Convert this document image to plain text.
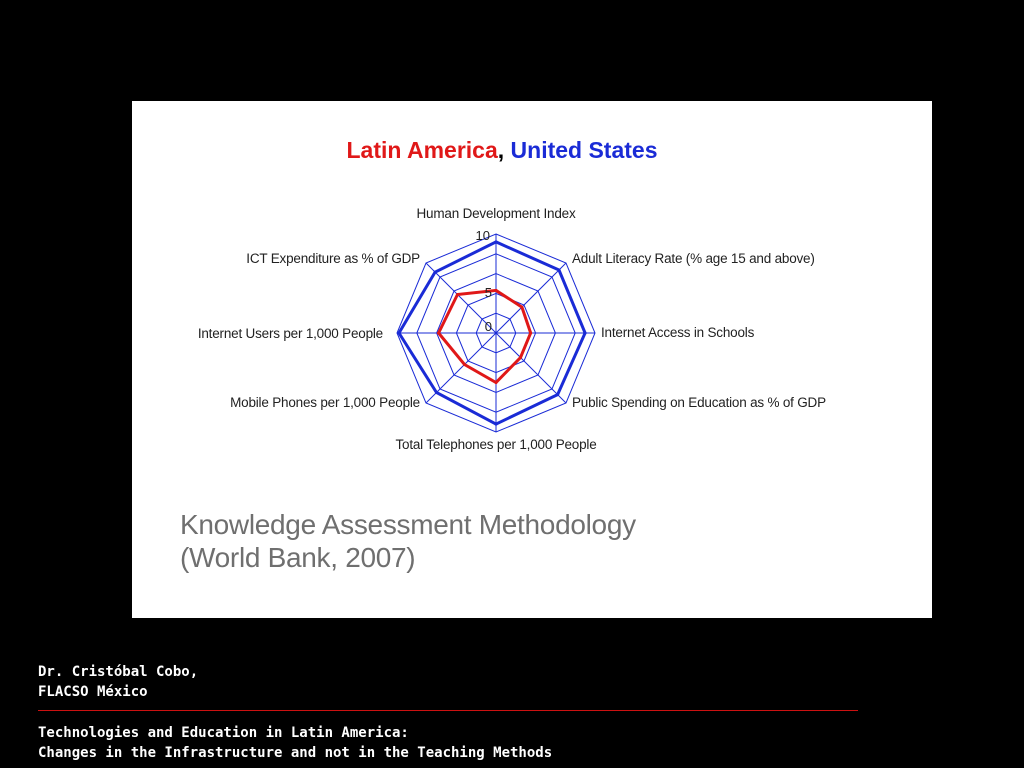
Latin America, United States
10
5
0
Human Development Index
Adult Literacy Rate (% age 15 and above)
Internet Access in Schools
Public Spending on Education as % of GDP
Total Telephones per 1,000 People
Mobile Phones per 1,000 People
Internet Users per 1,000 People
ICT Expenditure as % of GDP
Knowledge Assessment Methodology
(World Bank, 2007)
Dr. Cristóbal Cobo,
FLACSO México
Technologies and Education in Latin America:
Changes in the Infrastructure and not in the Teaching Methods
